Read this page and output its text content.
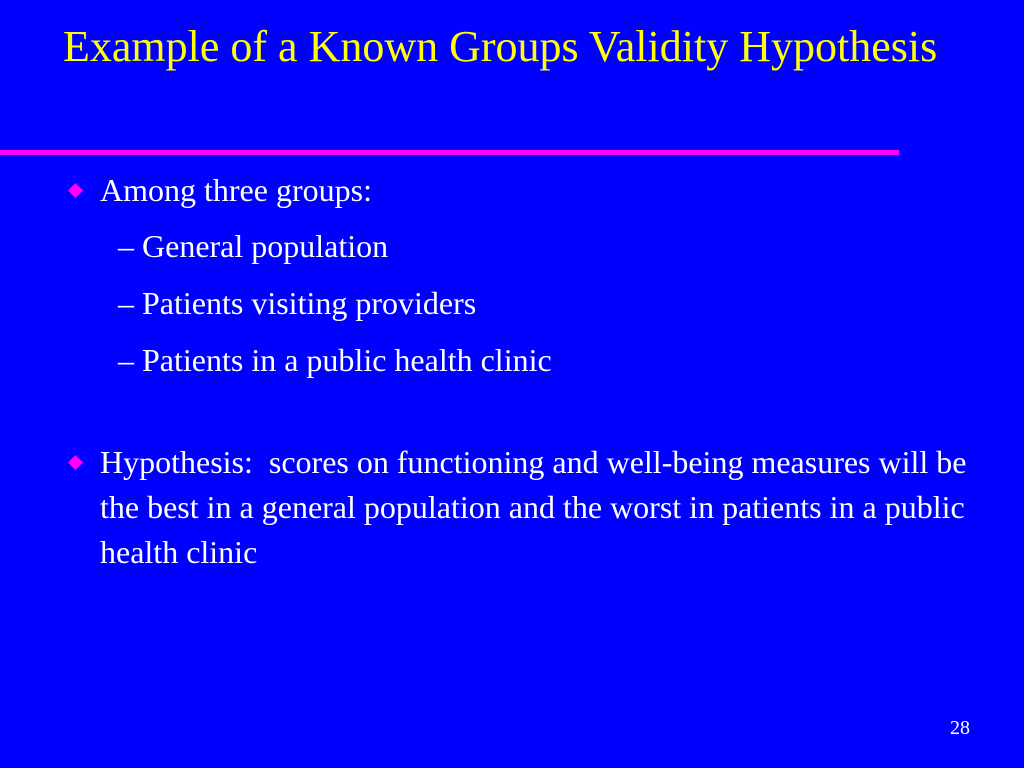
Example of a Known Groups Validity Hypothesis
Among three groups:
– General population
– Patients visiting providers
– Patients in a public health clinic
Hypothesis:  scores on functioning and well-being measures will be the best in a general population and the worst in patients in a public health clinic
28
